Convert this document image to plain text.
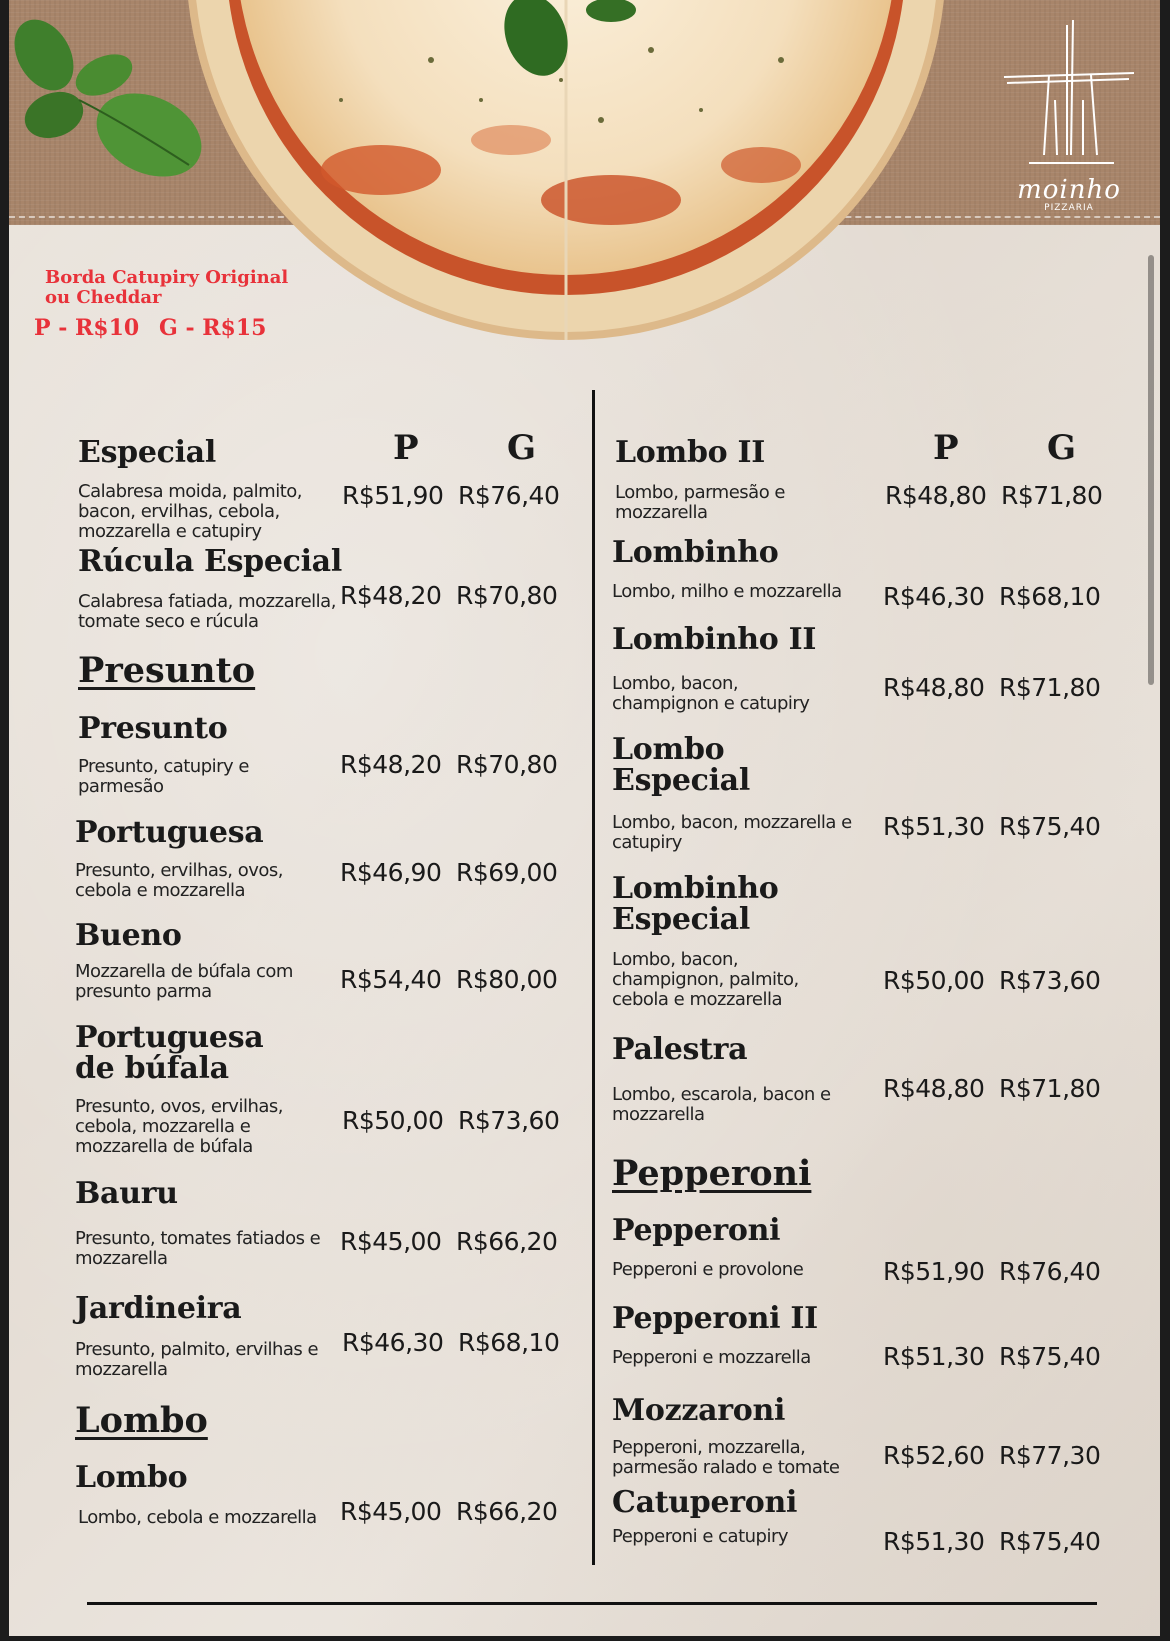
moinho
PIZZARIA
Borda Catupiry Original ou Cheddar
P - R$10 G - R$15
Especial	P	G
Calabresa moida, palmito, bacon, ervilhas, cebola, mozzarella e catupiry
R$51,90 R$76,40
Rúcula Especial
Calabresa fatiada, mozzarella, tomate seco e rúcula
R$48,20 R$70,80
Presunto
Presunto
Presunto, catupiry e parmesão
R$48,20 R$70,80
Portuguesa
Presunto, ervilhas, ovos, cebola e mozzarella
R$46,90 R$69,00
Bueno
Mozzarella de búfala com presunto parma	R$54,40 R$80,00
Portuguesa
de búfala
Presunto, ovos, ervilhas, cebola, mozzarella e mozzarella de búfala
R$50,00 R$73,60
Bauru
Presunto, tomates fatiados e mozzarella
R$45,00 R$66,20
Jardineira
Presunto, palmito, ervilhas e mozzarella
R$46,30 R$68,10
Lombo
Lombo
Lombo, cebola e mozzarella R$45,00 R$66,20
Lombo II	P	G
Lombo, parmesão e mozzarella
R$48,80 R$71,80
Lombinho
Lombo, milho e mozzarella	R$46,30 R$68,10
Lombinho II
Lombo, bacon, champignon e catupiry
R$48,80 R$71,80
Lombo
Especial
Lombo, bacon, mozzarella e catupiry
R$51,30 R$75,40
Lombinho
Especial
Lombo, bacon, champignon, palmito, cebola e mozzarella
R$50,00 R$73,60
Palestra
Lombo, escarola, bacon e mozzarella
R$48,80 R$71,80
Pepperoni
Pepperoni
Pepperoni e provolone	R$51,90 R$76,40
Pepperoni II
Pepperoni e mozzarella	R$51,30 R$75,40
Mozzaroni
Pepperoni, mozzarella, parmesão ralado e tomate	R$52,60 R$77,30
Catuperoni
Pepperoni e catupiry	R$51,30 R$75,40
